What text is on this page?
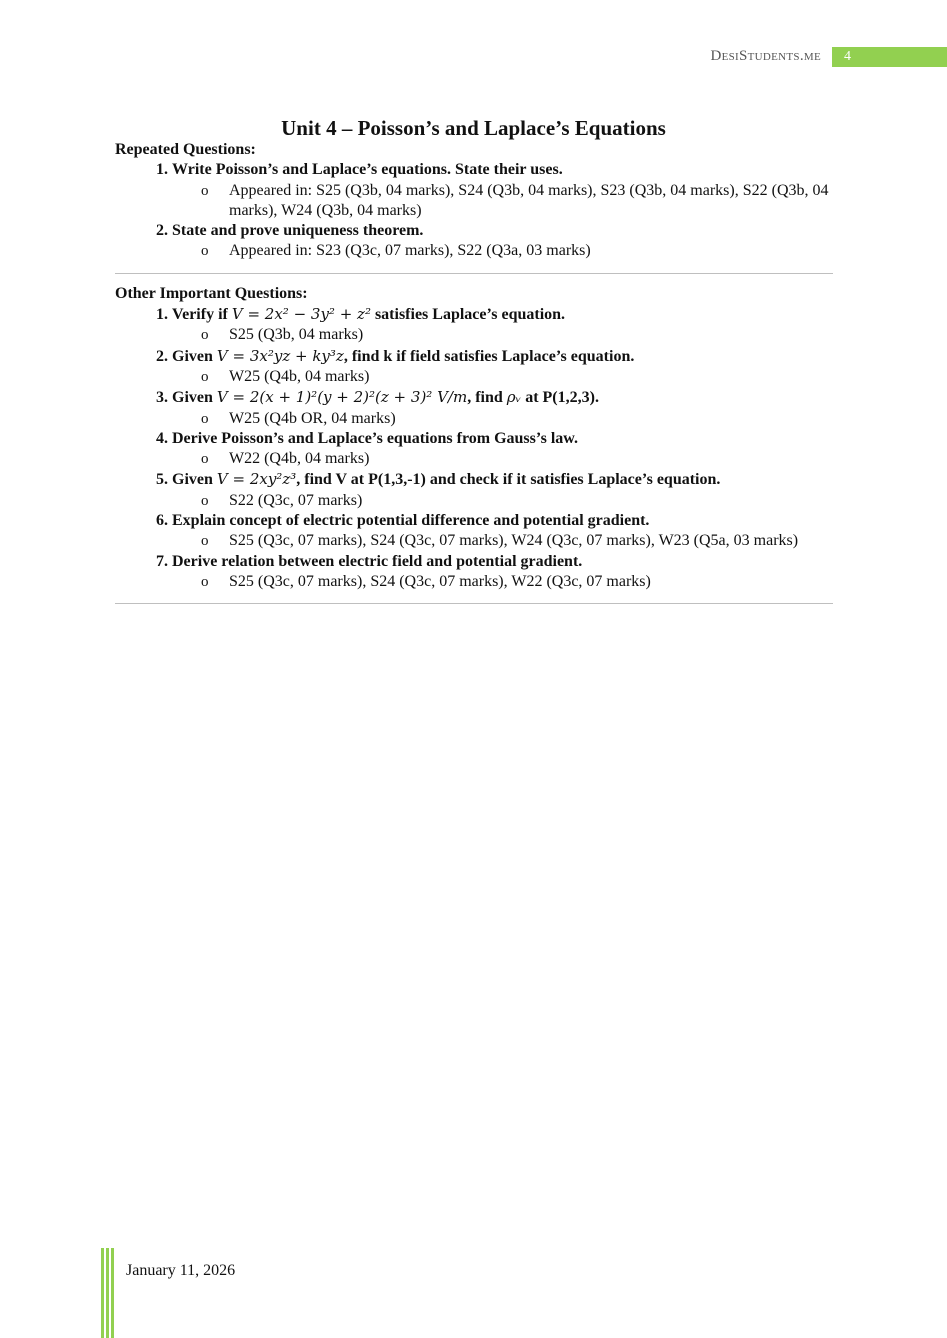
DesiStudents.me	4
Unit 4 – Poisson’s and Laplace’s Equations
Repeated Questions:
1. Write Poisson’s and Laplace’s equations. State their uses.
o Appeared in: S25 (Q3b, 04 marks), S24 (Q3b, 04 marks), S23 (Q3b, 04 marks), S22 (Q3b, 04 marks), W24 (Q3b, 04 marks)
2. State and prove uniqueness theorem.
o Appeared in: S23 (Q3c, 07 marks), S22 (Q3a, 03 marks)
Other Important Questions:
1. Verify if V = 2x² − 3y² + z² satisfies Laplace’s equation.
o S25 (Q3b, 04 marks)
2. Given V = 3x²yz + ky³z, find k if field satisfies Laplace’s equation.
o W25 (Q4b, 04 marks)
3. Given V = 2(x + 1)²(y + 2)²(z + 3)² V/m, find ρᵥ at P(1,2,3).
o W25 (Q4b OR, 04 marks)
4. Derive Poisson’s and Laplace’s equations from Gauss’s law.
o W22 (Q4b, 04 marks)
5. Given V = 2xy²z³, find V at P(1,3,-1) and check if it satisfies Laplace’s equation.
o S22 (Q3c, 07 marks)
6. Explain concept of electric potential difference and potential gradient.
o S25 (Q3c, 07 marks), S24 (Q3c, 07 marks), W24 (Q3c, 07 marks), W23 (Q5a, 03 marks)
7. Derive relation between electric field and potential gradient.
o S25 (Q3c, 07 marks), S24 (Q3c, 07 marks), W22 (Q3c, 07 marks)
January 11, 2026
